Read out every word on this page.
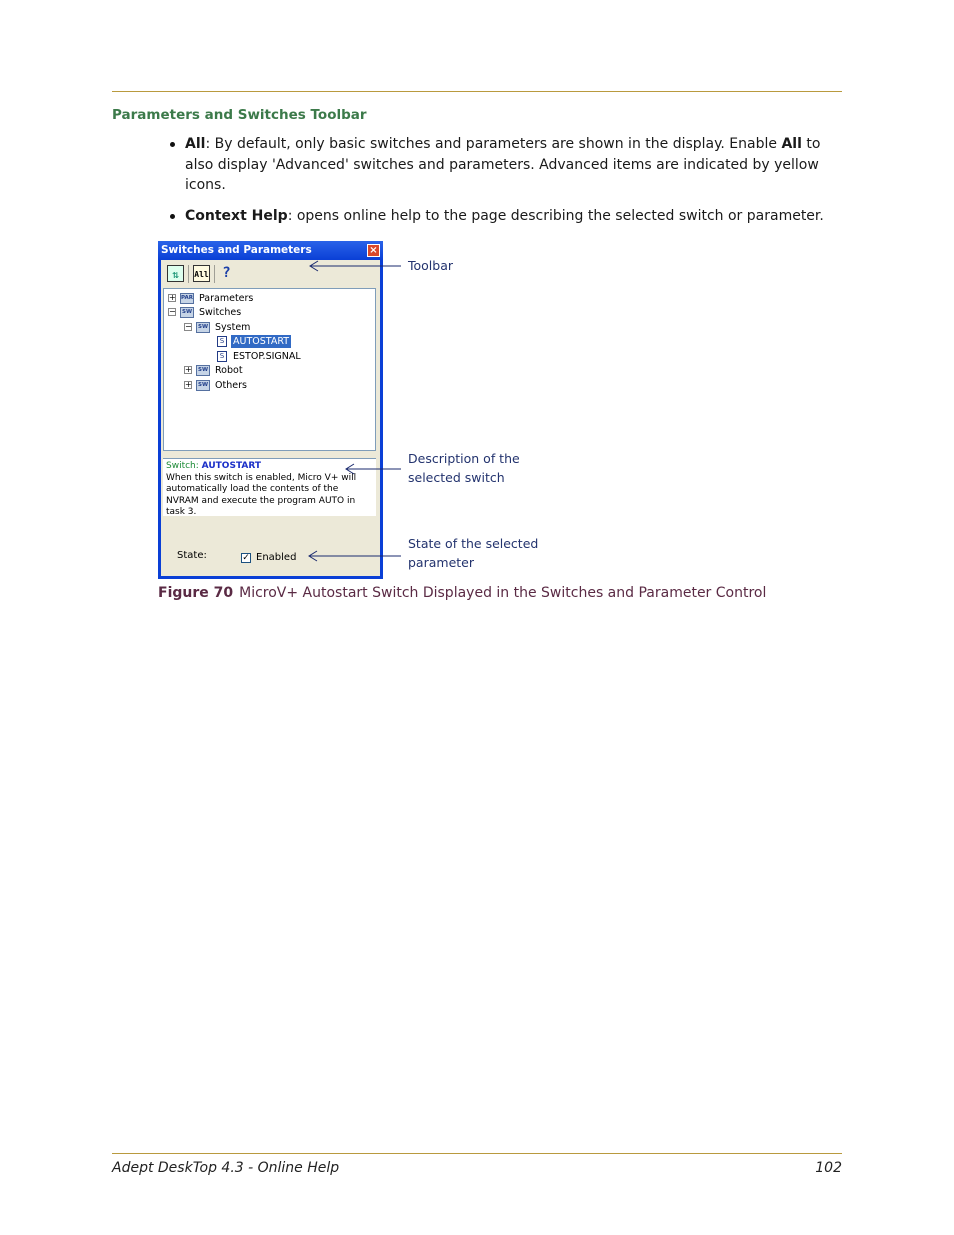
Parameters and Switches Toolbar
All: By default, only basic switches and parameters are shown in the display. Enable All to also display 'Advanced' switches and parameters. Advanced items are indicated by yellow icons.
Context Help: opens online help to the page describing the selected switch or parameter.
Switches and Parameters	×
⇅	All ?
+ PAR Parameters
−	SW Switches
−	SW System
S AUTOSTART
S ESTOP.SIGNAL
+	SW Robot
+	SW Others
Switch: AUTOSTART
When this switch is enabled, Micro V+ will automatically load the contents of the NVRAM and execute the program AUTO in task 3.
State:	✓ Enabled
Toolbar
Description of the
selected switch
State of the selected
parameter
Figure 70 MicroV+ Autostart Switch Displayed in the Switches and Parameter Control
Adept DeskTop 4.3 - Online Help	102
